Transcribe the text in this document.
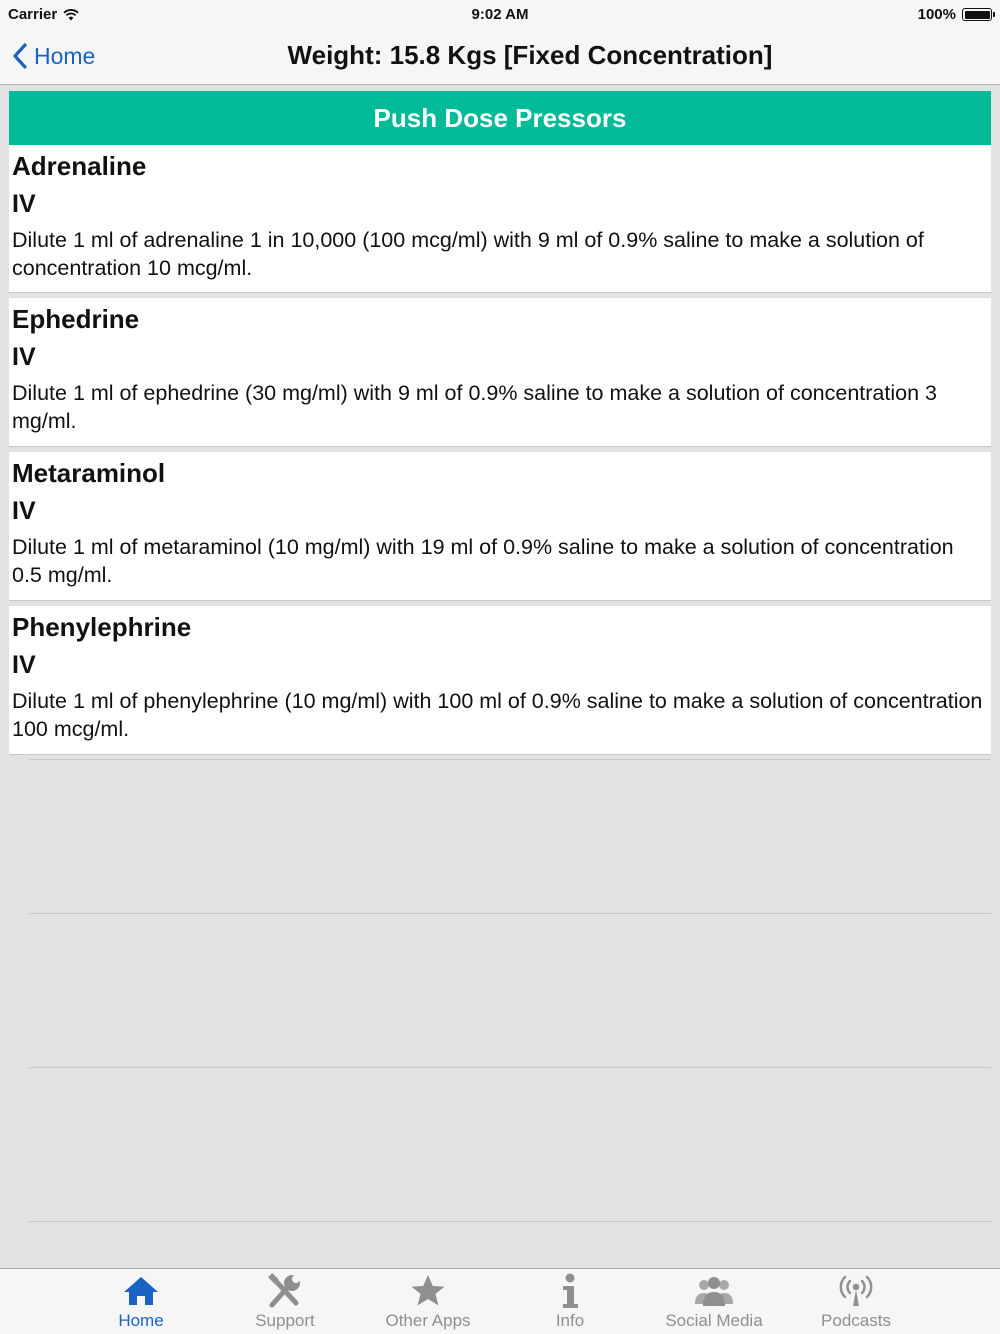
Carrier	9:02 AM	100%
Home	Weight: 15.8 Kgs [Fixed Concentration]
Push Dose Pressors
Adrenaline
IV
Dilute 1 ml of adrenaline 1 in 10,000 (100 mcg/ml) with 9 ml of 0.9% saline to make a solution of concentration 10 mcg/ml.
Ephedrine
IV
Dilute 1 ml of ephedrine (30 mg/ml) with 9 ml of 0.9% saline to make a solution of concentration 3 mg/ml.
Metaraminol
IV
Dilute 1 ml of metaraminol (10 mg/ml) with 19 ml of 0.9% saline to make a solution of concentration 0.5 mg/ml.
Phenylephrine
IV
Dilute 1 ml of phenylephrine (10 mg/ml) with 100 ml of 0.9% saline to make a solution of concentration 100 mcg/ml.
Home	Support	Other Apps	Info	Social Media	Podcasts
